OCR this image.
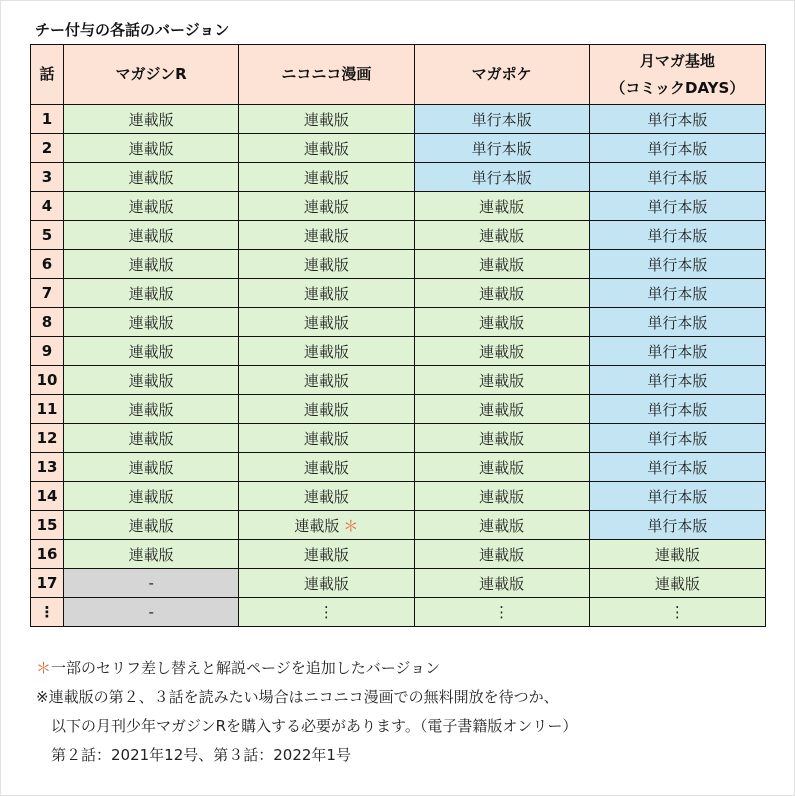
チー付与の各話のバージョン
話	マガジンR	ニコニコ漫画	マガポケ	月マガ基地
（コミックDAYS）

1	連載版	連載版	単行本版	単行本版
2	連載版	連載版	単行本版	単行本版
3	連載版	連載版	単行本版	単行本版
4	連載版	連載版	連載版	単行本版
5	連載版	連載版	連載版	単行本版
6	連載版	連載版	連載版	単行本版
7	連載版	連載版	連載版	単行本版
8	連載版	連載版	連載版	単行本版
9	連載版	連載版	連載版	単行本版
10	連載版	連載版	連載版	単行本版
11	連載版	連載版	連載版	単行本版
12	連載版	連載版	連載版	単行本版
13	連載版	連載版	連載版	単行本版
14	連載版	連載版	連載版	単行本版
15	連載版	連載版 ＊	連載版	単行本版
16	連載版	連載版	連載版	連載版
17	-	連載版	連載版	連載版
⋮	-	⋮	⋮	⋮
＊一部のセリフ差し替えと解説ページを追加したバージョン
※連載版の第２、３話を読みたい場合はニコニコ漫画での無料開放を待つか、
以下の月刊少年マガジンRを購入する必要があります。（電子書籍版オンリー）
第２話：2021年12号、第３話：2022年1号
